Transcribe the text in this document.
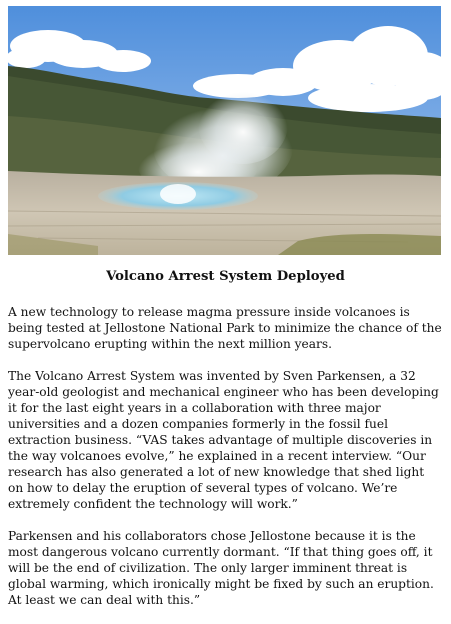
Volcano Arrest System Deployed

A new technology to release magma pressure inside volcanoes is being tested at Jellostone National Park to minimize the chance of the supervolcano erupting within the next million years.

The Volcano Arrest System was invented by Sven Parkensen, a 32 year-old geologist and mechanical engineer who has been developing it for the last eight years in a collaboration with three major universities and a dozen companies formerly in the fossil fuel extraction business. “VAS takes advantage of multiple discoveries in the way volcanoes evolve,” he explained in a recent interview. “Our research has also generated a lot of new knowledge that shed light on how to delay the eruption of several types of volcano. We’re extremely confident the technology will work.”

Parkensen and his collaborators chose Jellostone because it is the most dangerous volcano currently dormant. “If that thing goes off, it will be the end of civilization. The only larger imminent threat is global warming, which ironically might be fixed by such an eruption. At least we can deal with this.”
